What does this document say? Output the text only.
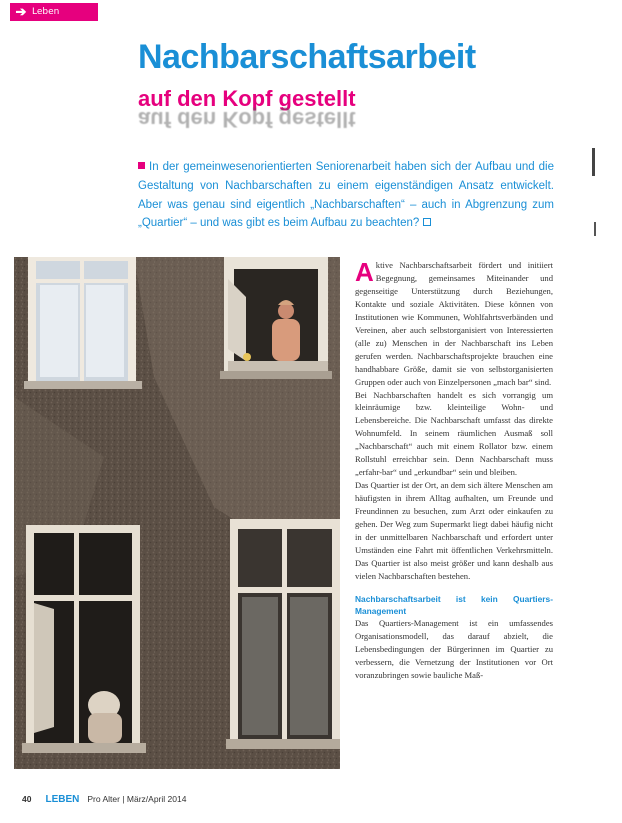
➔ Leben
Nachbarschaftsarbeit
auf den Kopf gestellt
auf den Kopf gestellt
In der gemeinwesenorientierten Seniorenarbeit haben sich der Aufbau und die Gestaltung von Nachbarschaften zu einem eigenständigen Ansatz entwickelt. Aber was genau sind eigentlich „Nachbarschaften“ – auch in Abgrenzung zum „Quartier“ – und was gibt es beim Aufbau zu beachten?

Aktive Nachbarschaftsarbeit fördert und initiiert Begegnung, gemeinsames Miteinander und gegenseitige Unterstützung durch Beziehungen, Kontakte und soziale Aktivitäten. Diese können von Institutionen wie Kommunen, Wohlfahrtsverbänden und Vereinen, aber auch selbstorganisiert von Interessierten (alle zu) Menschen in der Nachbarschaft ins Leben gerufen werden. Nachbarschaftsprojekte brauchen eine handhabbare Größe, damit sie von selbstorganisierten Gruppen oder auch von Einzelpersonen „mach bar“ sind.

Bei Nachbarschaften handelt es sich vorrangig um kleinräumige bzw. kleinteilige Wohn- und Lebensbereiche. Die Nachbarschaft umfasst das direkte Wohnumfeld. In seinem räumlichen Ausmaß soll „Nachbarschaft“ auch mit einem Rollator bzw. einem Rollstuhl erreichbar sein. Denn Nachbarschaft muss „erfahr-bar“ und „erkundbar“ sein und bleiben.

Das Quartier ist der Ort, an dem sich ältere Menschen am häufigsten in ihrem Alltag aufhalten, um Freunde und Freundinnen zu besuchen, zum Arzt oder einkaufen zu gehen. Der Weg zum Supermarkt liegt dabei häufig nicht in der unmittelbaren Nachbarschaft und erfordert unter Umständen eine Fahrt mit öffentlichen Verkehrsmitteln. Das Quartier ist also meist größer und kann deshalb aus vielen Nachbarschaften bestehen.

Nachbarschaftsarbeit ist kein Quartiers-Management

Das Quartiers-Management ist ein umfassendes Organisationsmodell, das darauf abzielt, die Lebensbedingungen der Bürgerinnen im Quartier zu verbessern, die Vernetzung der Institutionen vor Ort voranzubringen sowie bauliche Maß-

40 LEBEN Pro Alter | März/April 2014
